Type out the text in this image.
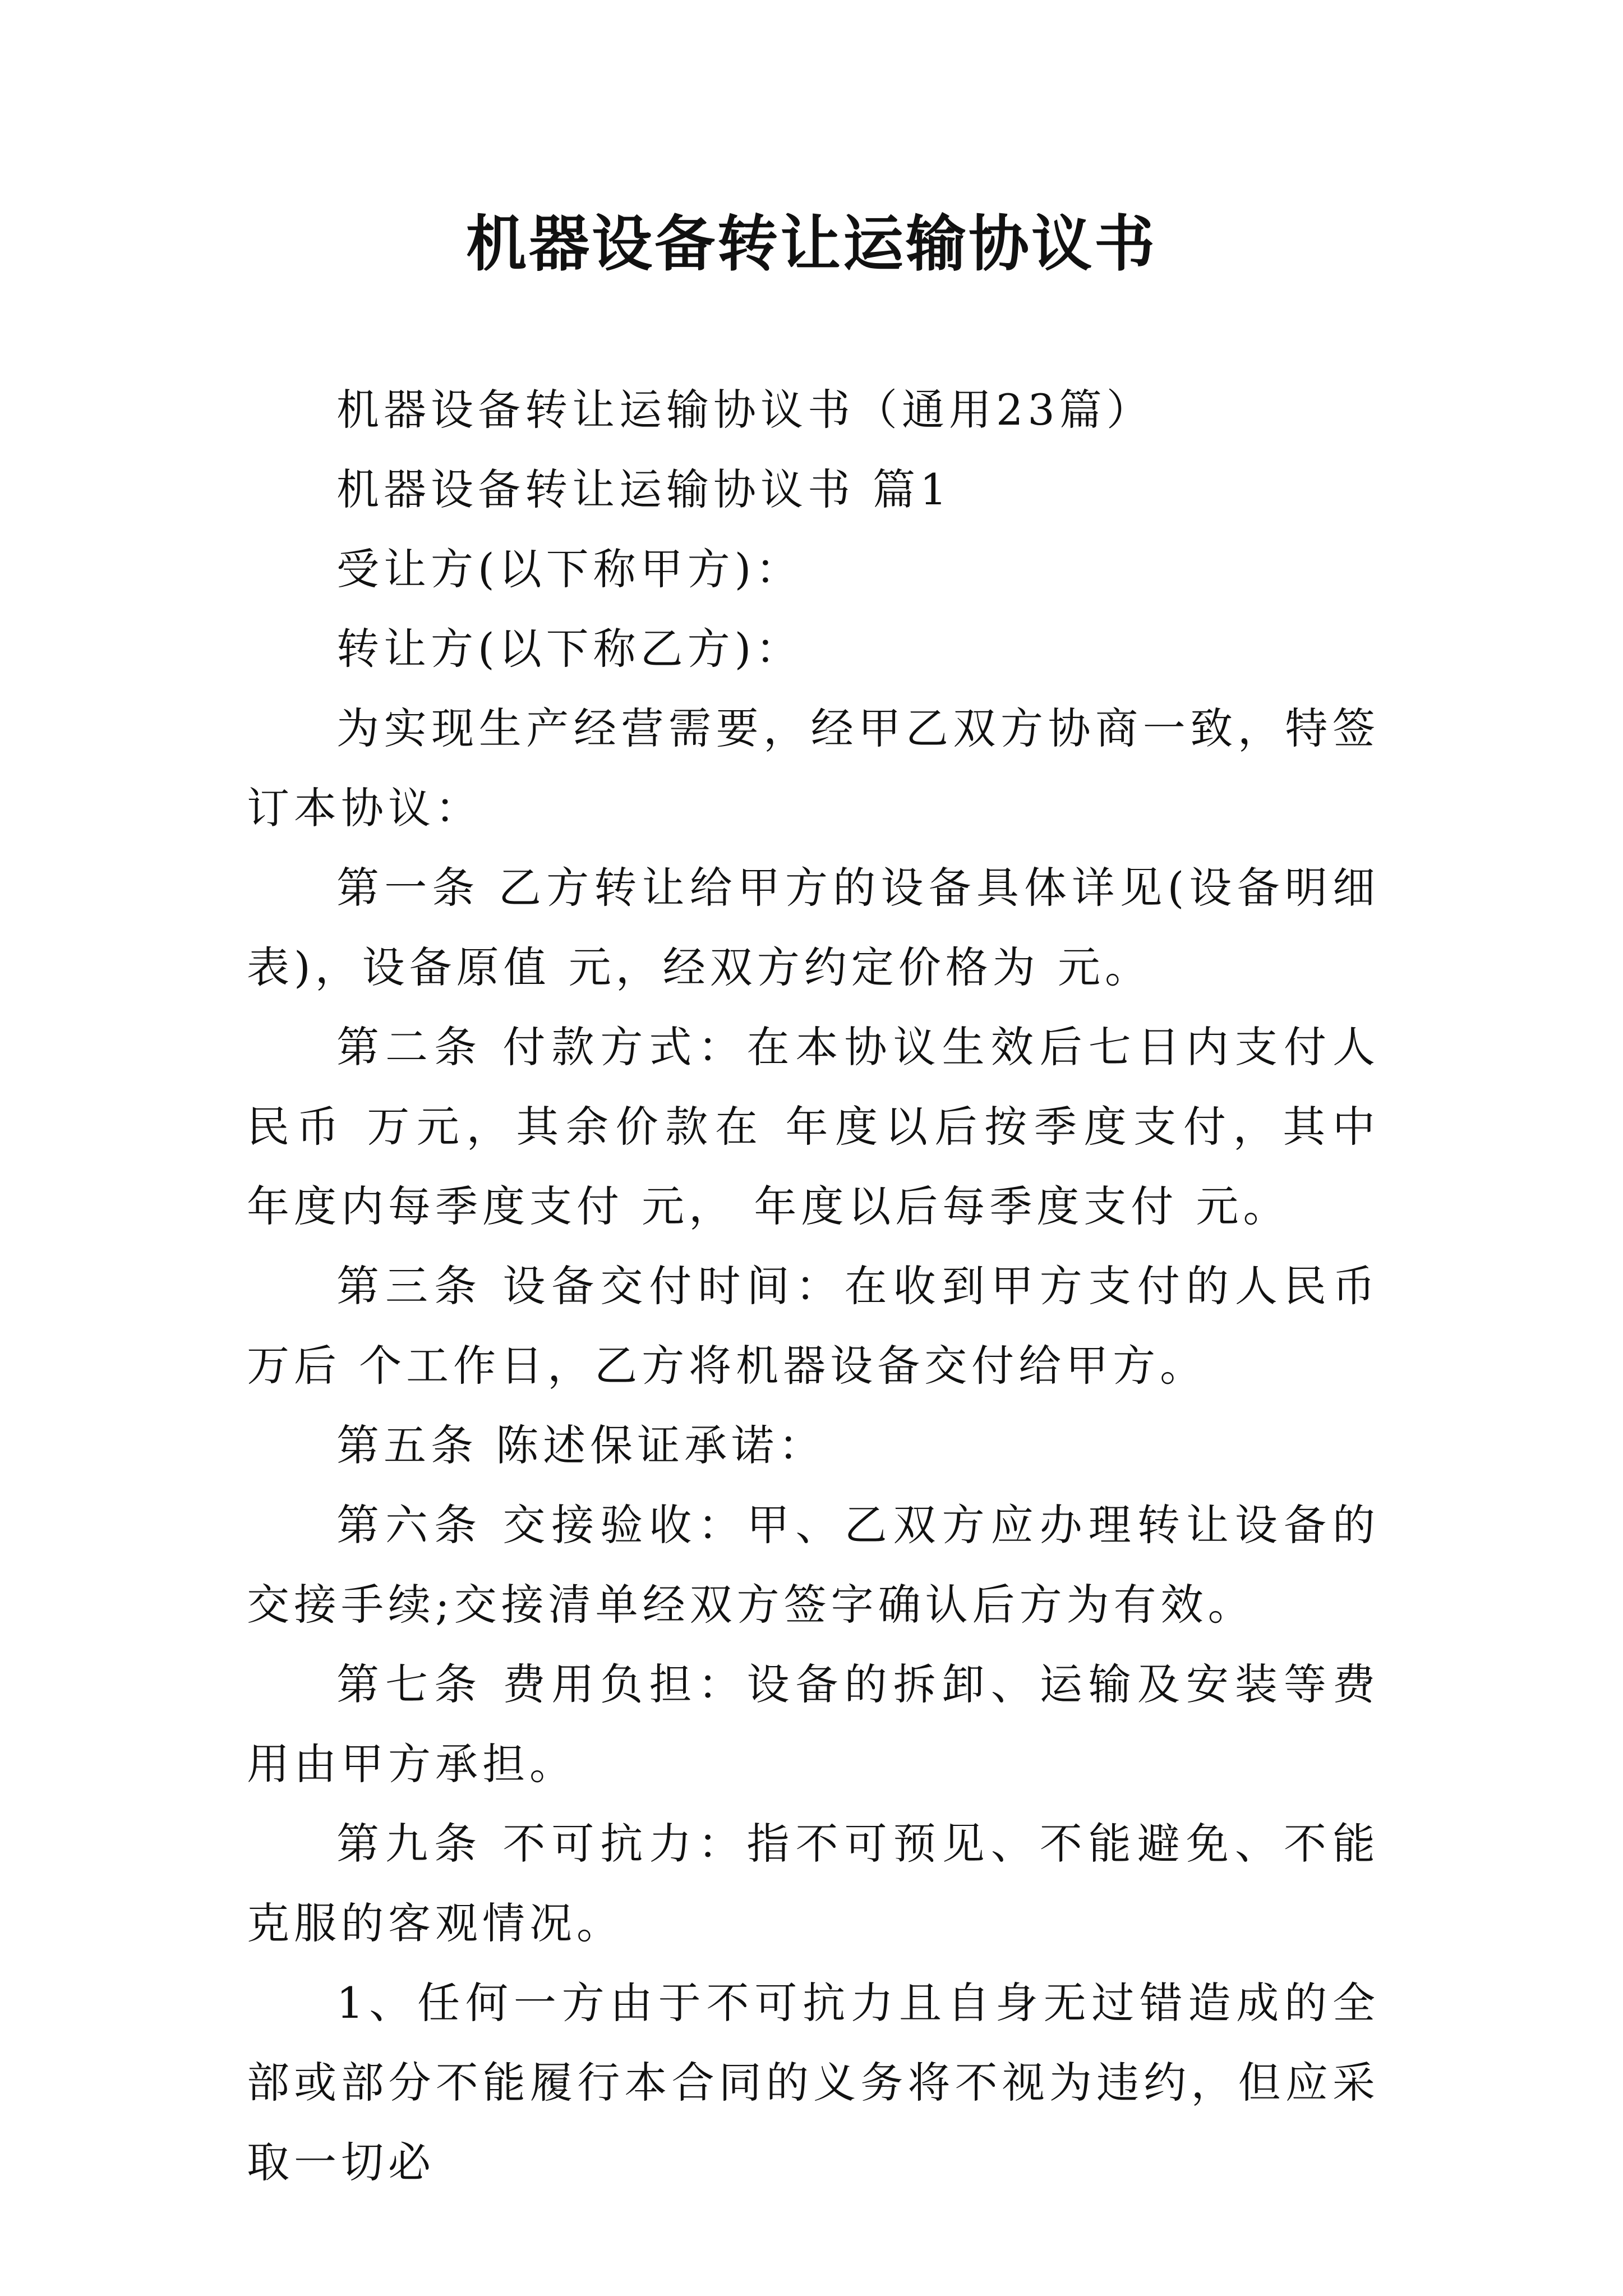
机器设备转让运输协议书

机器设备转让运输协议书（通用23篇）

机器设备转让运输协议书 篇1

受让方(以下称甲方)：

转让方(以下称乙方)：

为实现生产经营需要，经甲乙双方协商一致，特签订本协议：

第一条 乙方转让给甲方的设备具体详见(设备明细表)，设备原值 元，经双方约定价格为 元。

第二条 付款方式：在本协议生效后七日内支付人民币 万元，其余价款在 年度以后按季度支付，其中 年度内每季度支付 元， 年度以后每季度支付 元。

第三条 设备交付时间：在收到甲方支付的人民币 万后 个工作日，乙方将机器设备交付给甲方。

第五条 陈述保证承诺：

第六条 交接验收：甲、乙双方应办理转让设备的交接手续;交接清单经双方签字确认后方为有效。

第七条 费用负担：设备的拆卸、运输及安装等费用由甲方承担。

第九条 不可抗力：指不可预见、不能避免、不能克服的客观情况。

1、任何一方由于不可抗力且自身无过错造成的全部或部分不能履行本合同的义务将不视为违约，但应采取一切必
